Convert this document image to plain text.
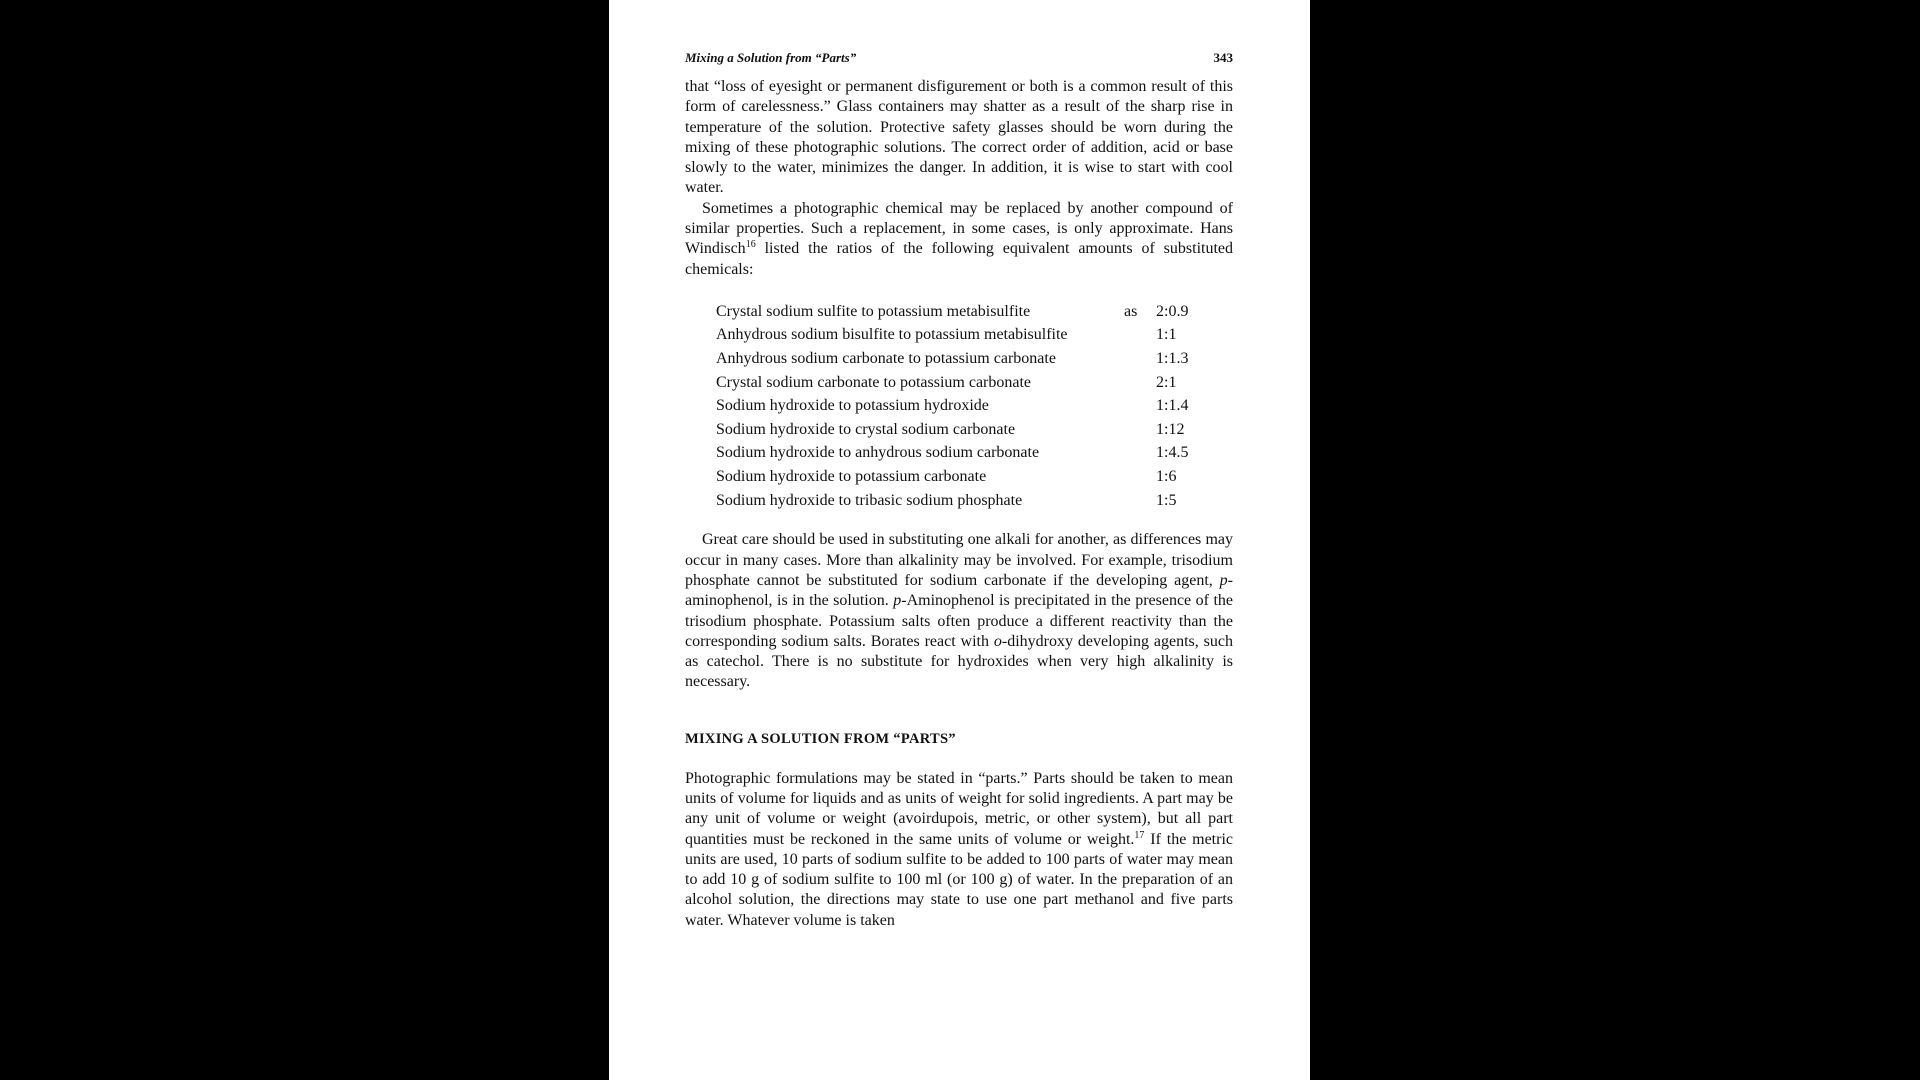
Mixing a Solution from “Parts”	343

that “loss of eyesight or permanent disfigurement or both is a common result of this form of carelessness.” Glass containers may shatter as a result of the sharp rise in temperature of the solution. Protective safety glasses should be worn during the mixing of these photographic solutions. The correct order of addition, acid or base slowly to the water, minimizes the danger. In addition, it is wise to start with cool water.

Sometimes a photographic chemical may be replaced by another compound of similar properties. Such a replacement, in some cases, is only approximate. Hans Windisch$^{16}$ listed the ratios of the following equivalent amounts of substituted chemicals:

Crystal sodium sulfite to potassium metabisulfite	as	2:0.9
Anhydrous sodium bisulfite to potassium metabisulfite		1:1
Anhydrous sodium carbonate to potassium carbonate		1:1.3
Crystal sodium carbonate to potassium carbonate		2:1
Sodium hydroxide to potassium hydroxide		1:1.4
Sodium hydroxide to crystal sodium carbonate		1:12
Sodium hydroxide to anhydrous sodium carbonate		1:4.5
Sodium hydroxide to potassium carbonate		1:6
Sodium hydroxide to tribasic sodium phosphate		1:5

Great care should be used in substituting one alkali for another, as differences may occur in many cases. More than alkalinity may be involved. For example, trisodium phosphate cannot be substituted for sodium carbonate if the developing agent, p-aminophenol, is in the solution. p-Aminophenol is precipitated in the presence of the trisodium phosphate. Potassium salts often produce a different reactivity than the corresponding sodium salts. Borates react with o-dihydroxy developing agents, such as catechol. There is no substitute for hydroxides when very high alkalinity is necessary.

MIXING A SOLUTION FROM “PARTS”

Photographic formulations may be stated in “parts.” Parts should be taken to mean units of volume for liquids and as units of weight for solid ingredients. A part may be any unit of volume or weight (avoirdupois, metric, or other system), but all part quantities must be reckoned in the same units of volume or weight.$^{17}$ If the metric units are used, 10 parts of sodium sulfite to be added to 100 parts of water may mean to add 10 g of sodium sulfite to 100 ml (or 100 g) of water. In the preparation of an alcohol solution, the directions may state to use one part methanol and five parts water. Whatever volume is taken
